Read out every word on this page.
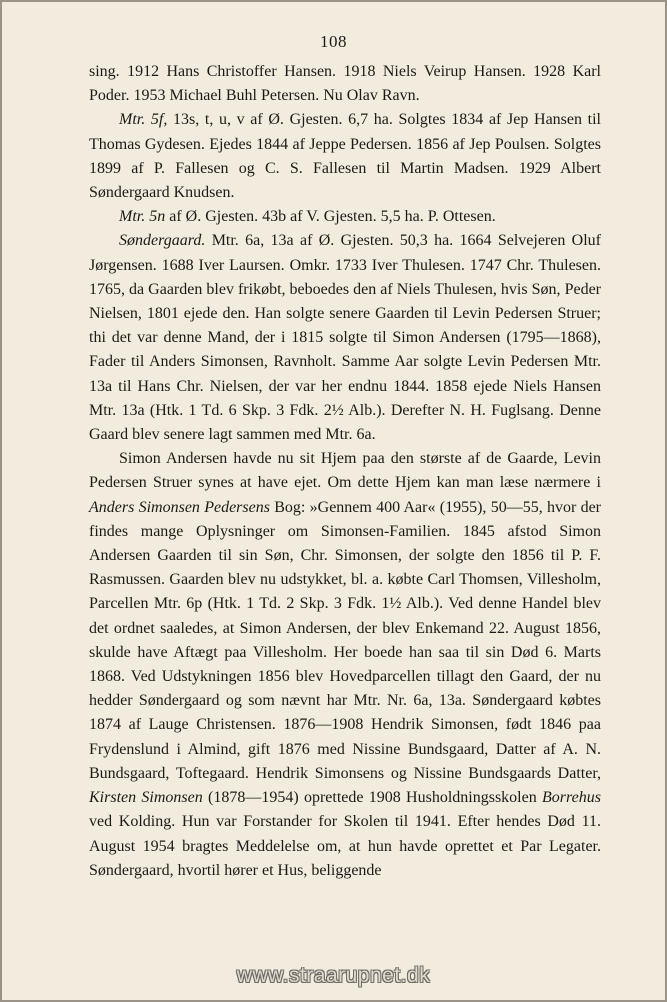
108

sing. 1912 Hans Christoffer Hansen. 1918 Niels Veirup Hansen. 1928 Karl Poder. 1953 Michael Buhl Petersen. Nu Olav Ravn.

Mtr. 5f, 13s, t, u, v af Ø. Gjesten. 6,7 ha. Solgtes 1834 af Jep Hansen til Thomas Gydesen. Ejedes 1844 af Jeppe Pedersen. 1856 af Jep Poulsen. Solgtes 1899 af P. Fallesen og C. S. Fallesen til Martin Madsen. 1929 Albert Søndergaard Knudsen.

Mtr. 5n af Ø. Gjesten. 43b af V. Gjesten. 5,5 ha. P. Ottesen.

Søndergaard. Mtr. 6a, 13a af Ø. Gjesten. 50,3 ha. 1664 Selvejeren Oluf Jørgensen. 1688 Iver Laursen. Omkr. 1733 Iver Thulesen. 1747 Chr. Thulesen. 1765, da Gaarden blev frikøbt, beboedes den af Niels Thulesen, hvis Søn, Peder Nielsen, 1801 ejede den. Han solgte senere Gaarden til Levin Pedersen Struer; thi det var denne Mand, der i 1815 solgte til Simon Andersen (1795—1868), Fader til Anders Simonsen, Ravnholt. Samme Aar solgte Levin Pedersen Mtr. 13a til Hans Chr. Nielsen, der var her endnu 1844. 1858 ejede Niels Hansen Mtr. 13a (Htk. 1 Td. 6 Skp. 3 Fdk. 2½ Alb.). Derefter N. H. Fuglsang. Denne Gaard blev senere lagt sammen med Mtr. 6a.

Simon Andersen havde nu sit Hjem paa den største af de Gaarde, Levin Pedersen Struer synes at have ejet. Om dette Hjem kan man læse nærmere i Anders Simonsen Pedersens Bog: »Gennem 400 Aar« (1955), 50—55, hvor der findes mange Oplysninger om Simonsen-Familien. 1845 afstod Simon Andersen Gaarden til sin Søn, Chr. Simonsen, der solgte den 1856 til P. F. Rasmussen. Gaarden blev nu udstykket, bl. a. købte Carl Thomsen, Villesholm, Parcellen Mtr. 6p (Htk. 1 Td. 2 Skp. 3 Fdk. 1½ Alb.). Ved denne Handel blev det ordnet saaledes, at Simon Andersen, der blev Enkemand 22. August 1856, skulde have Aftægt paa Villesholm. Her boede han saa til sin Død 6. Marts 1868. Ved Udstykningen 1856 blev Hovedparcellen tillagt den Gaard, der nu hedder Søndergaard og som nævnt har Mtr. Nr. 6a, 13a. Søndergaard købtes 1874 af Lauge Christensen. 1876—1908 Hendrik Simonsen, født 1846 paa Frydenslund i Almind, gift 1876 med Nissine Bundsgaard, Datter af A. N. Bundsgaard, Toftegaard. Hendrik Simonsens og Nissine Bundsgaards Datter, Kirsten Simonsen (1878—1954) oprettede 1908 Husholdningsskolen Borrehus ved Kolding. Hun var Forstander for Skolen til 1941. Efter hendes Død 11. August 1954 bragtes Meddelelse om, at hun havde oprettet et Par Legater. Søndergaard, hvortil hører et Hus, beliggende

www.straarupnet.dk
